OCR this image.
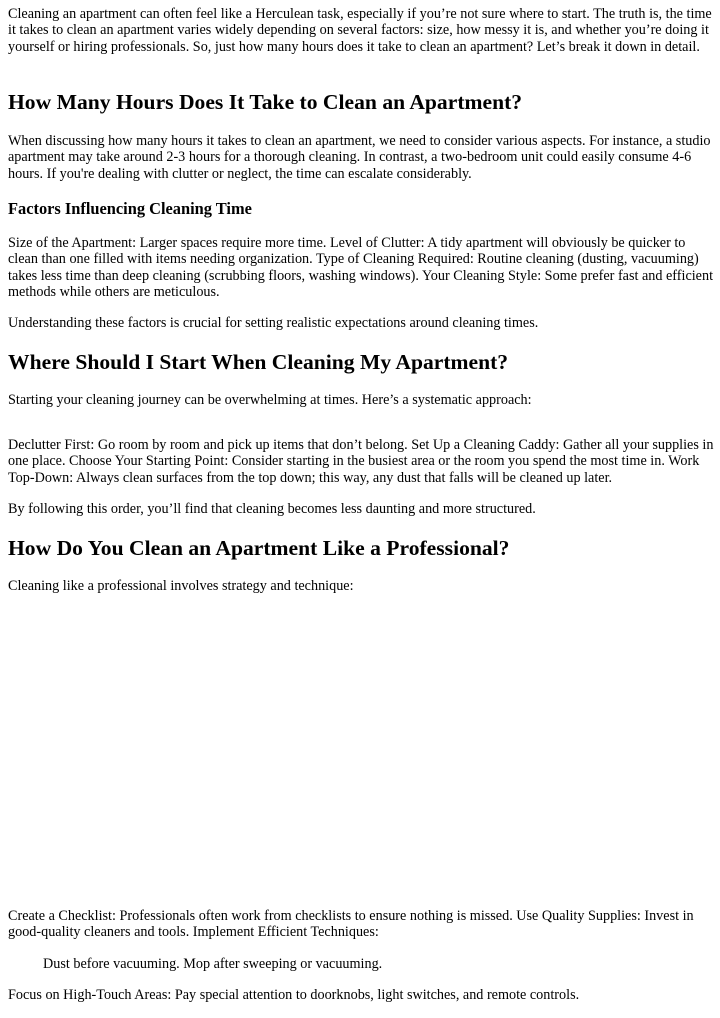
Cleaning an apartment can often feel like a Herculean task, especially if you’re not sure where to start. The truth is, the time it takes to clean an apartment varies widely depending on several factors: size, how messy it is, and whether you’re doing it yourself or hiring professionals. So, just how many hours does it take to clean an apartment? Let’s break it down in detail.

How Many Hours Does It Take to Clean an Apartment?

When discussing how many hours it takes to clean an apartment, we need to consider various aspects. For instance, a studio apartment may take around 2-3 hours for a thorough cleaning. In contrast, a two-bedroom unit could easily consume 4-6 hours. If you're dealing with clutter or neglect, the time can escalate considerably.

Factors Influencing Cleaning Time

Size of the Apartment: Larger spaces require more time. Level of Clutter: A tidy apartment will obviously be quicker to clean than one filled with items needing organization. Type of Cleaning Required: Routine cleaning (dusting, vacuuming) takes less time than deep cleaning (scrubbing floors, washing windows). Your Cleaning Style: Some prefer fast and efficient methods while others are meticulous.

Understanding these factors is crucial for setting realistic expectations around cleaning times.

Where Should I Start When Cleaning My Apartment?

Starting your cleaning journey can be overwhelming at times. Here’s a systematic approach:

Declutter First: Go room by room and pick up items that don’t belong. Set Up a Cleaning Caddy: Gather all your supplies in one place. Choose Your Starting Point: Consider starting in the busiest area or the room you spend the most time in. Work Top-Down: Always clean surfaces from the top down; this way, any dust that falls will be cleaned up later.

By following this order, you’ll find that cleaning becomes less daunting and more structured.

How Do You Clean an Apartment Like a Professional?

Cleaning like a professional involves strategy and technique:

Create a Checklist: Professionals often work from checklists to ensure nothing is missed. Use Quality Supplies: Invest in good-quality cleaners and tools. Implement Efficient Techniques:

Dust before vacuuming. Mop after sweeping or vacuuming.

Focus on High-Touch Areas: Pay special attention to doorknobs, light switches, and remote controls.
